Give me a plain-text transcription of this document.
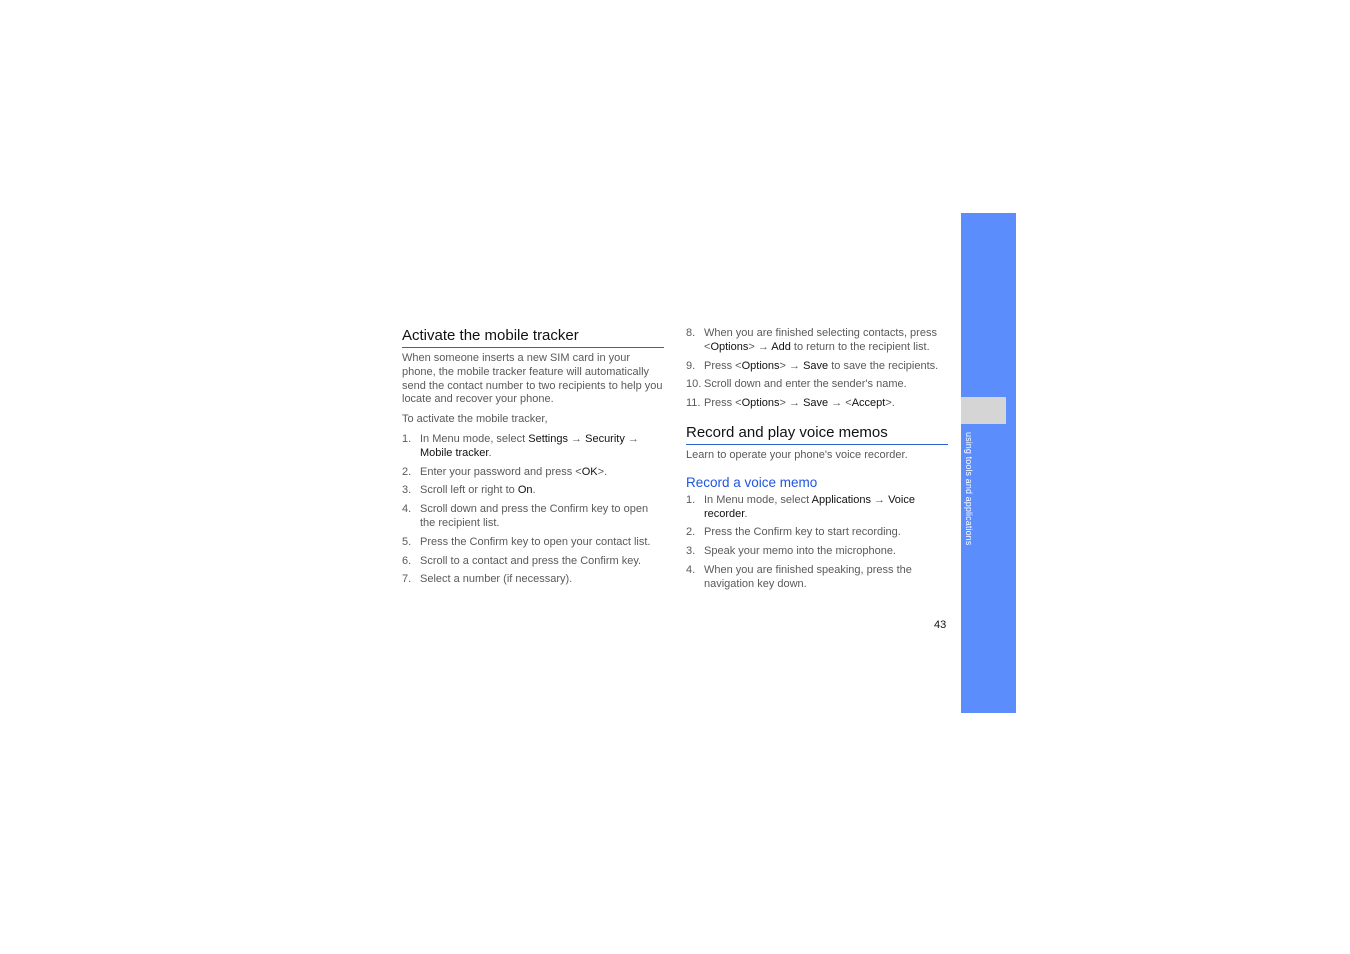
Activate the mobile tracker

When someone inserts a new SIM card in your phone, the mobile tracker feature will automatically send the contact number to two recipients to help you locate and recover your phone.

To activate the mobile tracker,

1. In Menu mode, select Settings → Security → Mobile tracker.
2. Enter your password and press <OK>.
3. Scroll left or right to On.
4. Scroll down and press the Confirm key to open the recipient list.
5. Press the Confirm key to open your contact list.
6. Scroll to a contact and press the Confirm key.
7. Select a number (if necessary).
8. When you are finished selecting contacts, press <Options> → Add to return to the recipient list.
9. Press <Options> → Save to save the recipients.
10. Scroll down and enter the sender's name.
11. Press <Options> → Save → <Accept>.
Record and play voice memos

Learn to operate your phone's voice recorder.

Record a voice memo
1. In Menu mode, select Applications → Voice recorder.
2. Press the Confirm key to start recording.
3. Speak your memo into the microphone.
4. When you are finished speaking, press the navigation key down.
using tools and applications
43
